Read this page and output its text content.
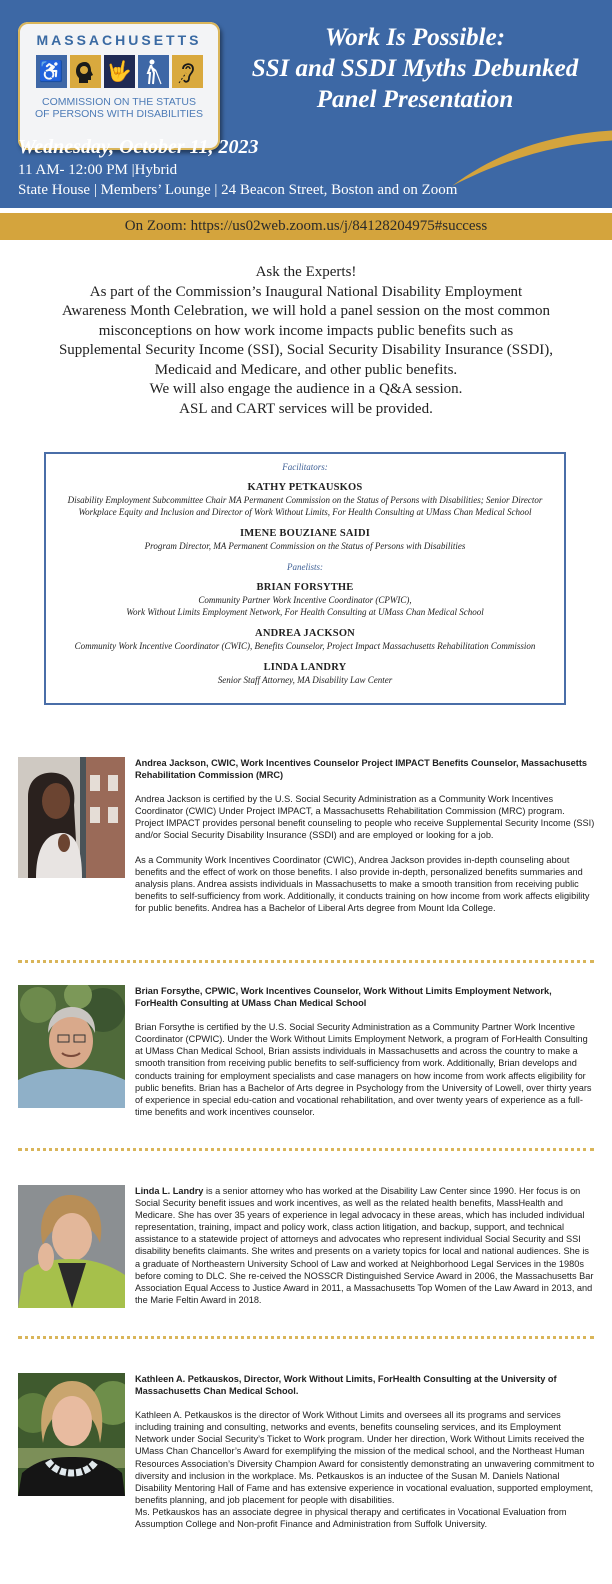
MASSACHUSETTS
♿ 🤟
COMMISSION ON THE STATUS
OF PERSONS WITH DISABILITIES
Work Is Possible:
SSI and SSDI Myths Debunked
Panel Presentation
Wednesday, October 11, 2023
11 AM- 12:00 PM |Hybrid
State House | Members’ Lounge | 24 Beacon Street, Boston and on Zoom
On Zoom: https://us02web.zoom.us/j/84128204975#success
Ask the Experts!
As part of the Commission’s Inaugural National Disability Employment
Awareness Month Celebration, we will hold a panel session on the most common
misconceptions on how work income impacts public benefits such as
Supplemental Security Income (SSI), Social Security Disability Insurance (SSDI),
Medicaid and Medicare, and other public benefits.
We will also engage the audience in a Q&A session.
ASL and CART services will be provided.
Facilitators:
KATHY PETKAUSKOS
Disability Employment Subcommittee Chair MA Permanent Commission on the Status of Persons with Disabilities; Senior Director
Workplace Equity and Inclusion and Director of Work Without Limits, For Health Consulting at UMass Chan Medical School
IMENE BOUZIANE SAIDI
Program Director, MA Permanent Commission on the Status of Persons with Disabilities
Panelists:
BRIAN FORSYTHE
Community Partner Work Incentive Coordinator (CPWIC),
Work Without Limits Employment Network, For Health Consulting at UMass Chan Medical School
ANDREA JACKSON
Community Work Incentive Coordinator (CWIC), Benefits Counselor, Project Impact Massachusetts Rehabilitation Commission
LINDA LANDRY
Senior Staff Attorney, MA Disability Law Center
Andrea Jackson, CWIC, Work Incentives Counselor Project IMPACT Benefits Counselor, Massachusetts Rehabilitation Commission (MRC)

Andrea Jackson is certified by the U.S. Social Security Administration as a Community Work Incentives Coordinator (CWIC) Under Project IMPACT, a Massachusetts Rehabilitation Commission (MRC) program. Project IMPACT provides personal benefit counseling to people who receive Supplemental Security Income (SSI) and/or Social Security Disability Insurance (SSDI) and are employed or looking for a job.

As a Community Work Incentives Coordinator (CWIC), Andrea Jackson provides in-depth counseling about benefits and the effect of work on those benefits. I also provide in-depth, personalized benefits summaries and analysis plans. Andrea assists individuals in Massachusetts to make a smooth transition from receiving public benefits to self-sufficiency from work. Additionally, it conducts training on how income from work affects eligibility for public benefits. Andrea has a Bachelor of Liberal Arts degree from Mount Ida College.

Brian Forsythe, CPWIC, Work Incentives Counselor, Work Without Limits Employment Network, ForHealth Consulting at UMass Chan Medical School

Brian Forsythe is certified by the U.S. Social Security Administration as a Community Partner Work Incentive Coordinator (CPWIC). Under the Work Without Limits Employment Network, a program of ForHealth Consulting at UMass Chan Medical School, Brian assists individuals in Massachusetts and across the country to make a smooth transition from receiving public benefits to self-sufficiency from work. Additionally, Brian develops and conducts training for employment specialists and case managers on how income from work affects eligibility for public benefits. Brian has a Bachelor of Arts degree in Psychology from the University of Lowell, over thirty years of experience in special edu-cation and vocational rehabilitation, and over twenty years of experience as a full-time benefits and work incentives counselor.

Linda L. Landry is a senior attorney who has worked at the Disability Law Center since 1990. Her focus is on Social Security benefit issues and work incentives, as well as the related health benefits, MassHealth and Medicare. She has over 35 years of experience in legal advocacy in these areas, which has included individual representation, training, impact and policy work, class action litigation, and backup, support, and technical assistance to a statewide project of attorneys and advocates who represent individual Social Security and SSI disability benefits claimants. She writes and presents on a variety topics for local and national audiences. She is a graduate of Northeastern University School of Law and worked at Neighborhood Legal Services in the 1980s before coming to DLC. She re-ceived the NOSSCR Distinguished Service Award in 2006, the Massachusetts Bar Association Equal Access to Justice Award in 2011, a Massachusetts Top Women of the Law Award in 2013, and the Marie Feltin Award in 2018.

Kathleen A. Petkauskos, Director, Work Without Limits, ForHealth Consulting at the University of Massachusetts Chan Medical School.

Kathleen A. Petkauskos is the director of Work Without Limits and oversees all its programs and services including training and consulting, networks and events, benefits counseling services, and its Employment Network under Social Security’s Ticket to Work program. Under her direction, Work Without Limits received the UMass Chan Chancellor’s Award for exemplifying the mission of the medical school, and the Northeast Human Resources Association’s Diversity Champion Award for consistently demonstrating an unwavering commitment to diversity and inclusion in the workplace. Ms. Petkauskos is an inductee of the Susan M. Daniels National Disability Mentoring Hall of Fame and has extensive experience in vocational evaluation, supported employment, benefits planning, and job placement for people with disabilities.

Ms. Petkauskos has an associate degree in physical therapy and certificates in Vocational Evaluation from Assumption College and Non-profit Finance and Administration from Suffolk University.
